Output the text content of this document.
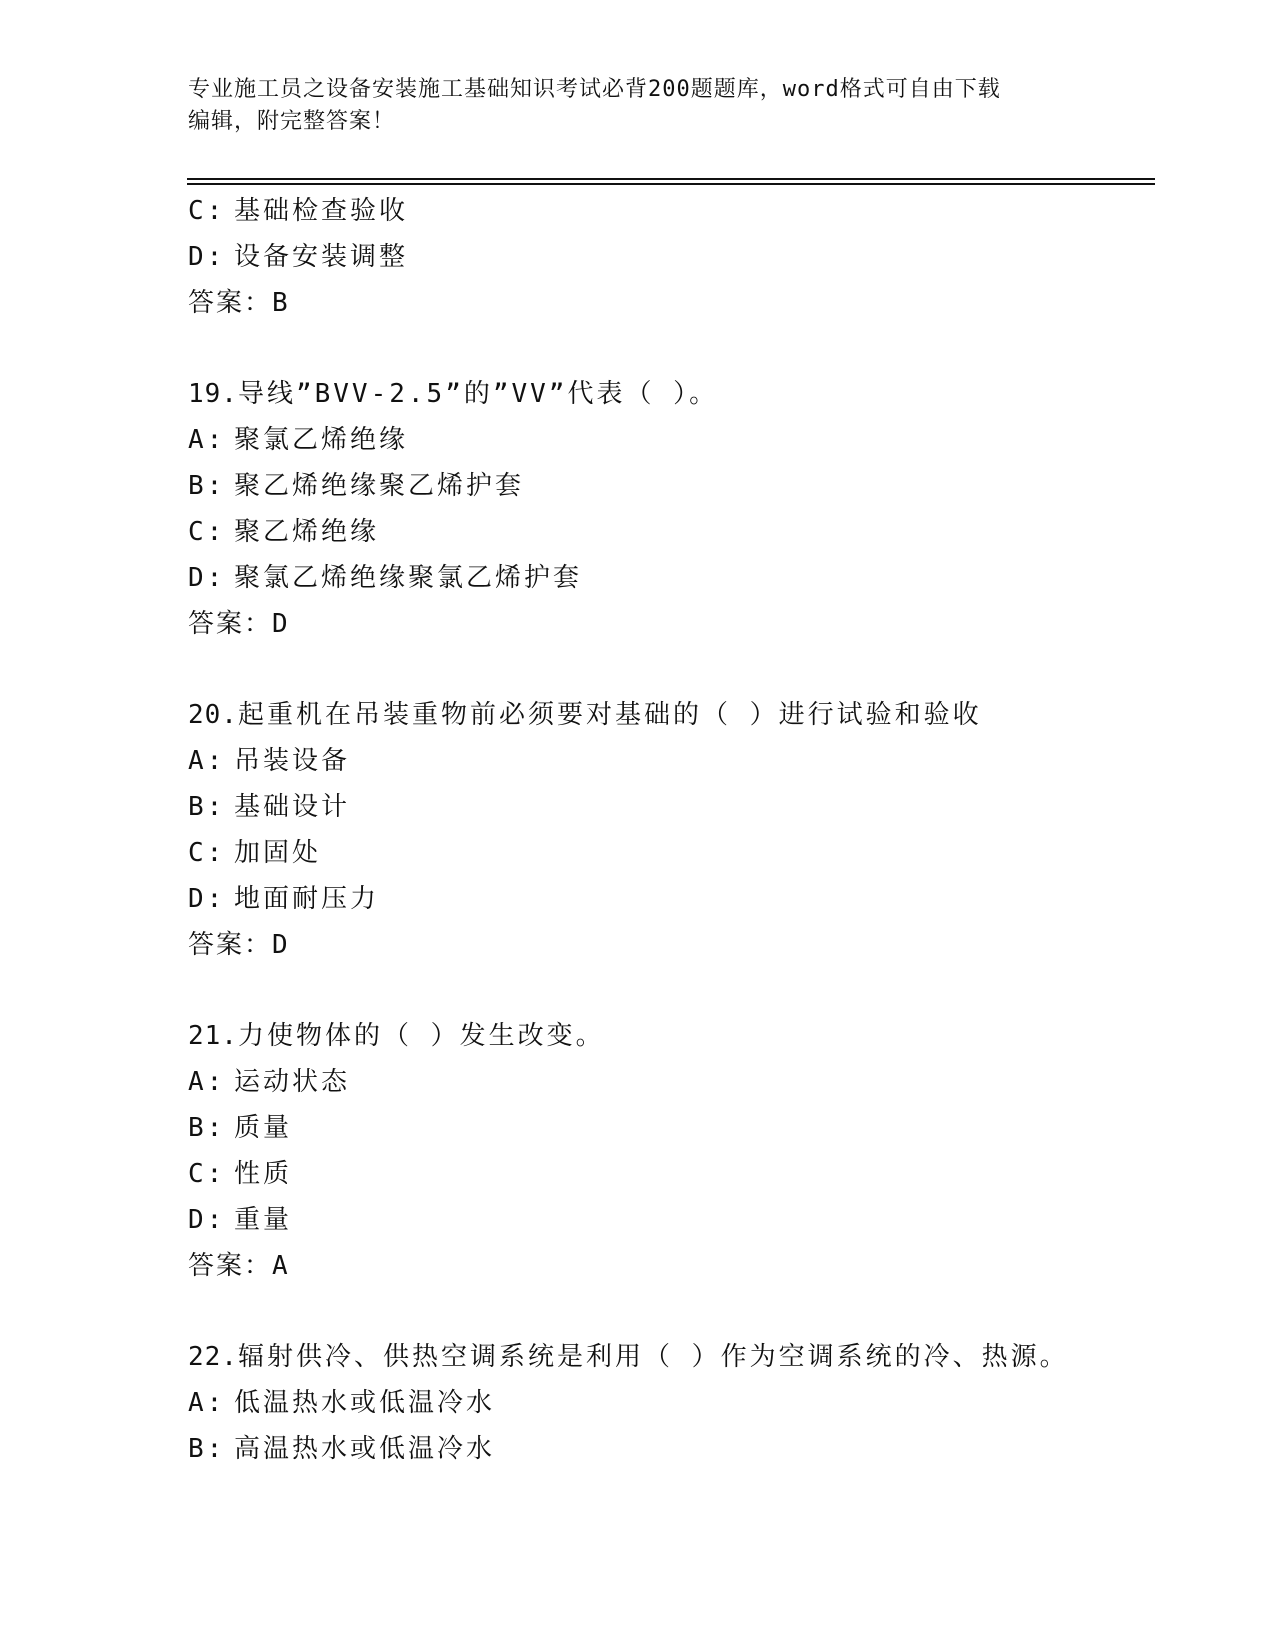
专业施工员之设备安装施工基础知识考试必背200题题库，word格式可自由下载
编辑，附完整答案！
C: 基础检查验收
D: 设备安装调整
答案：B
19.导线”BVV-2.5”的”VV”代表（ ）。
A: 聚氯乙烯绝缘
B: 聚乙烯绝缘聚乙烯护套
C: 聚乙烯绝缘
D: 聚氯乙烯绝缘聚氯乙烯护套
答案：D
20.起重机在吊装重物前必须要对基础的（ ）进行试验和验收
A: 吊装设备
B: 基础设计
C: 加固处
D: 地面耐压力
答案：D
21.力使物体的（ ）发生改变。
A: 运动状态
B: 质量
C: 性质
D: 重量
答案：A
22.辐射供冷、供热空调系统是利用（ ）作为空调系统的冷、热源。
A: 低温热水或低温冷水
B: 高温热水或低温冷水
